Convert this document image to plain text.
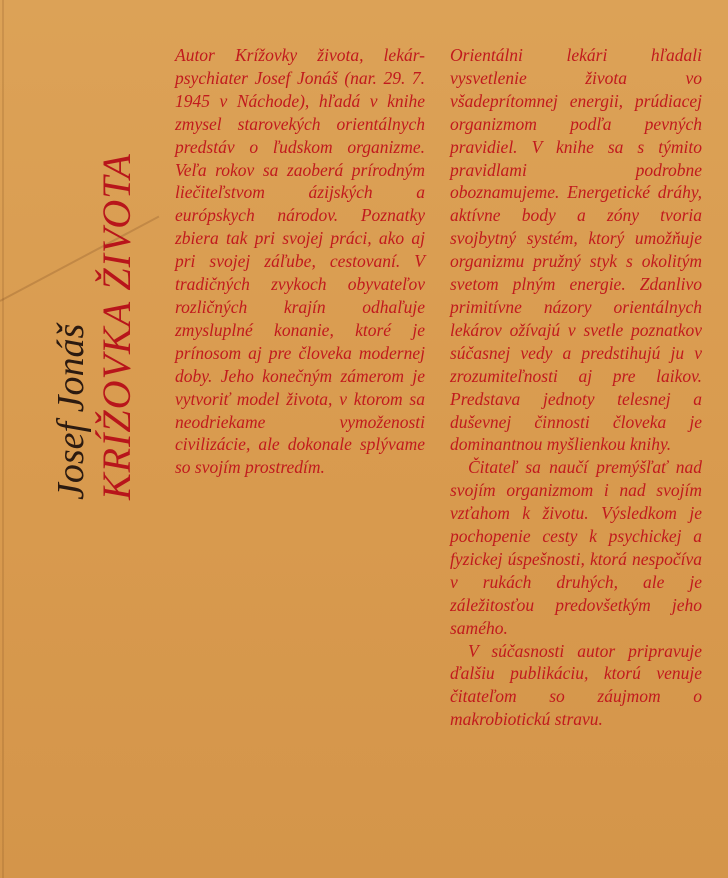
Josef Jonáš KRÍŽOVKA ŽIVOTA

Autor Krížovky života, lekár-psychiater Josef Jonáš (nar. 29. 7. 1945 v Náchode), hľadá v knihe zmysel starovekých orientálnych predstáv o ľudskom organizme. Veľa rokov sa zaoberá prírodným liečiteľstvom ázijských a európskych národov. Poznatky zbiera tak pri svojej práci, ako aj pri svojej záľube, cestovaní. V tradičných zvykoch obyvateľov rozličných krajín odhaľuje zmysluplné konanie, ktoré je prínosom aj pre človeka modernej doby. Jeho konečným zámerom je vytvoriť model života, v ktorom sa neodriekame vymoženosti civilizácie, ale dokonale splývame so svojím prostredím.

Orientálni lekári hľadali vysvetlenie života vo všadeprítomnej energii, prúdiacej organizmom podľa pevných pravidiel. V knihe sa s týmito pravidlami podrobne oboznamujeme. Energetické dráhy, aktívne body a zóny tvoria svojbytný systém, ktorý umožňuje organizmu pružný styk s okolitým svetom plným energie. Zdanlivo primitívne názory orientálnych lekárov ožívajú v svetle poznatkov súčasnej vedy a predstihujú ju v zrozumiteľnosti aj pre laikov. Predstava jednoty telesnej a duševnej činnosti človeka je dominantnou myšlienkou knihy.

Čitateľ sa naučí premýšľať nad svojím organizmom i nad svojím vzťahom k životu. Výsledkom je pochopenie cesty k psychickej a fyzickej úspešnosti, ktorá nespočíva v rukách druhých, ale je záležitosťou predovšetkým jeho samého.

V súčasnosti autor pripravuje ďalšiu publikáciu, ktorú venuje čitateľom so záujmom o makrobiotickú stravu.
